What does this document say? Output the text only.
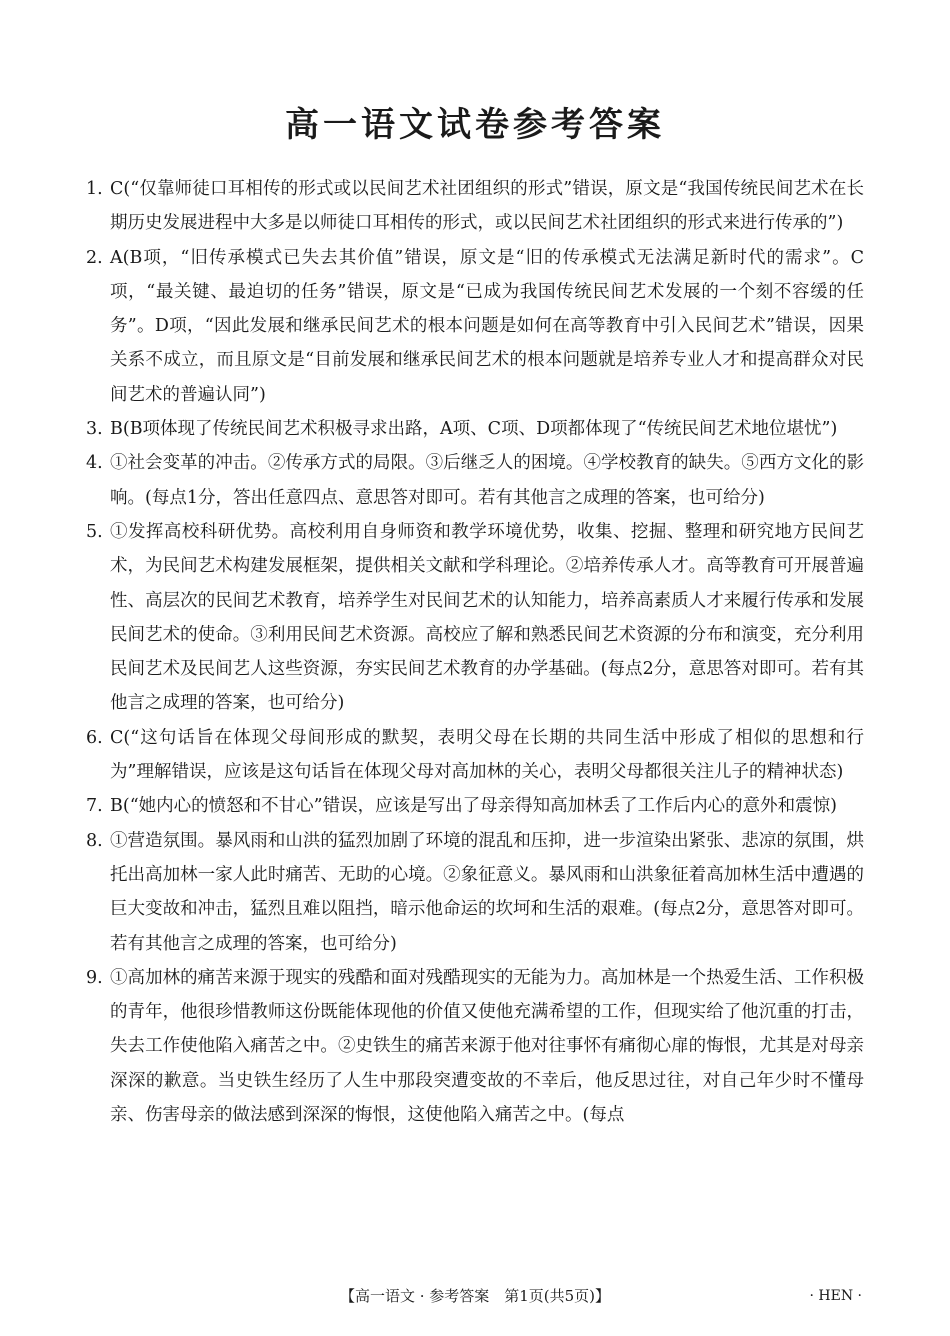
高一语文试卷参考答案
1. C(“仅靠师徒口耳相传的形式或以民间艺术社团组织的形式”错误，原文是“我国传统民间艺术在长期历史发展进程中大多是以师徒口耳相传的形式，或以民间艺术社团组织的形式来进行传承的”)
2. A(B项，“旧传承模式已失去其价值”错误，原文是“旧的传承模式无法满足新时代的需求”。C项，“最关键、最迫切的任务”错误，原文是“已成为我国传统民间艺术发展的一个刻不容缓的任务”。D项，“因此发展和继承民间艺术的根本问题是如何在高等教育中引入民间艺术”错误，因果关系不成立，而且原文是“目前发展和继承民间艺术的根本问题就是培养专业人才和提高群众对民间艺术的普遍认同”)
3. B(B项体现了传统民间艺术积极寻求出路，A项、C项、D项都体现了“传统民间艺术地位堪忧”)
4. ①社会变革的冲击。②传承方式的局限。③后继乏人的困境。④学校教育的缺失。⑤西方文化的影响。(每点1分，答出任意四点、意思答对即可。若有其他言之成理的答案，也可给分)
5. ①发挥高校科研优势。高校利用自身师资和教学环境优势，收集、挖掘、整理和研究地方民间艺术，为民间艺术构建发展框架，提供相关文献和学科理论。②培养传承人才。高等教育可开展普遍性、高层次的民间艺术教育，培养学生对民间艺术的认知能力，培养高素质人才来履行传承和发展民间艺术的使命。③利用民间艺术资源。高校应了解和熟悉民间艺术资源的分布和演变，充分利用民间艺术及民间艺人这些资源，夯实民间艺术教育的办学基础。(每点2分，意思答对即可。若有其他言之成理的答案，也可给分)
6. C(“这句话旨在体现父母间形成的默契，表明父母在长期的共同生活中形成了相似的思想和行为”理解错误，应该是这句话旨在体现父母对高加林的关心，表明父母都很关注儿子的精神状态)
7. B(“她内心的愤怒和不甘心”错误，应该是写出了母亲得知高加林丢了工作后内心的意外和震惊)
8. ①营造氛围。暴风雨和山洪的猛烈加剧了环境的混乱和压抑，进一步渲染出紧张、悲凉的氛围，烘托出高加林一家人此时痛苦、无助的心境。②象征意义。暴风雨和山洪象征着高加林生活中遭遇的巨大变故和冲击，猛烈且难以阻挡，暗示他命运的坎坷和生活的艰难。(每点2分，意思答对即可。若有其他言之成理的答案，也可给分)
9. ①高加林的痛苦来源于现实的残酷和面对残酷现实的无能为力。高加林是一个热爱生活、工作积极的青年，他很珍惜教师这份既能体现他的价值又使他充满希望的工作，但现实给了他沉重的打击，失去工作使他陷入痛苦之中。②史铁生的痛苦来源于他对往事怀有痛彻心扉的悔恨，尤其是对母亲深深的歉意。当史铁生经历了人生中那段突遭变故的不幸后，他反思过往，对自己年少时不懂母亲、伤害母亲的做法感到深深的悔恨，这使他陷入痛苦之中。(每点
【高一语文 · 参考答案　第1页(共5页)】	· HEN ·
